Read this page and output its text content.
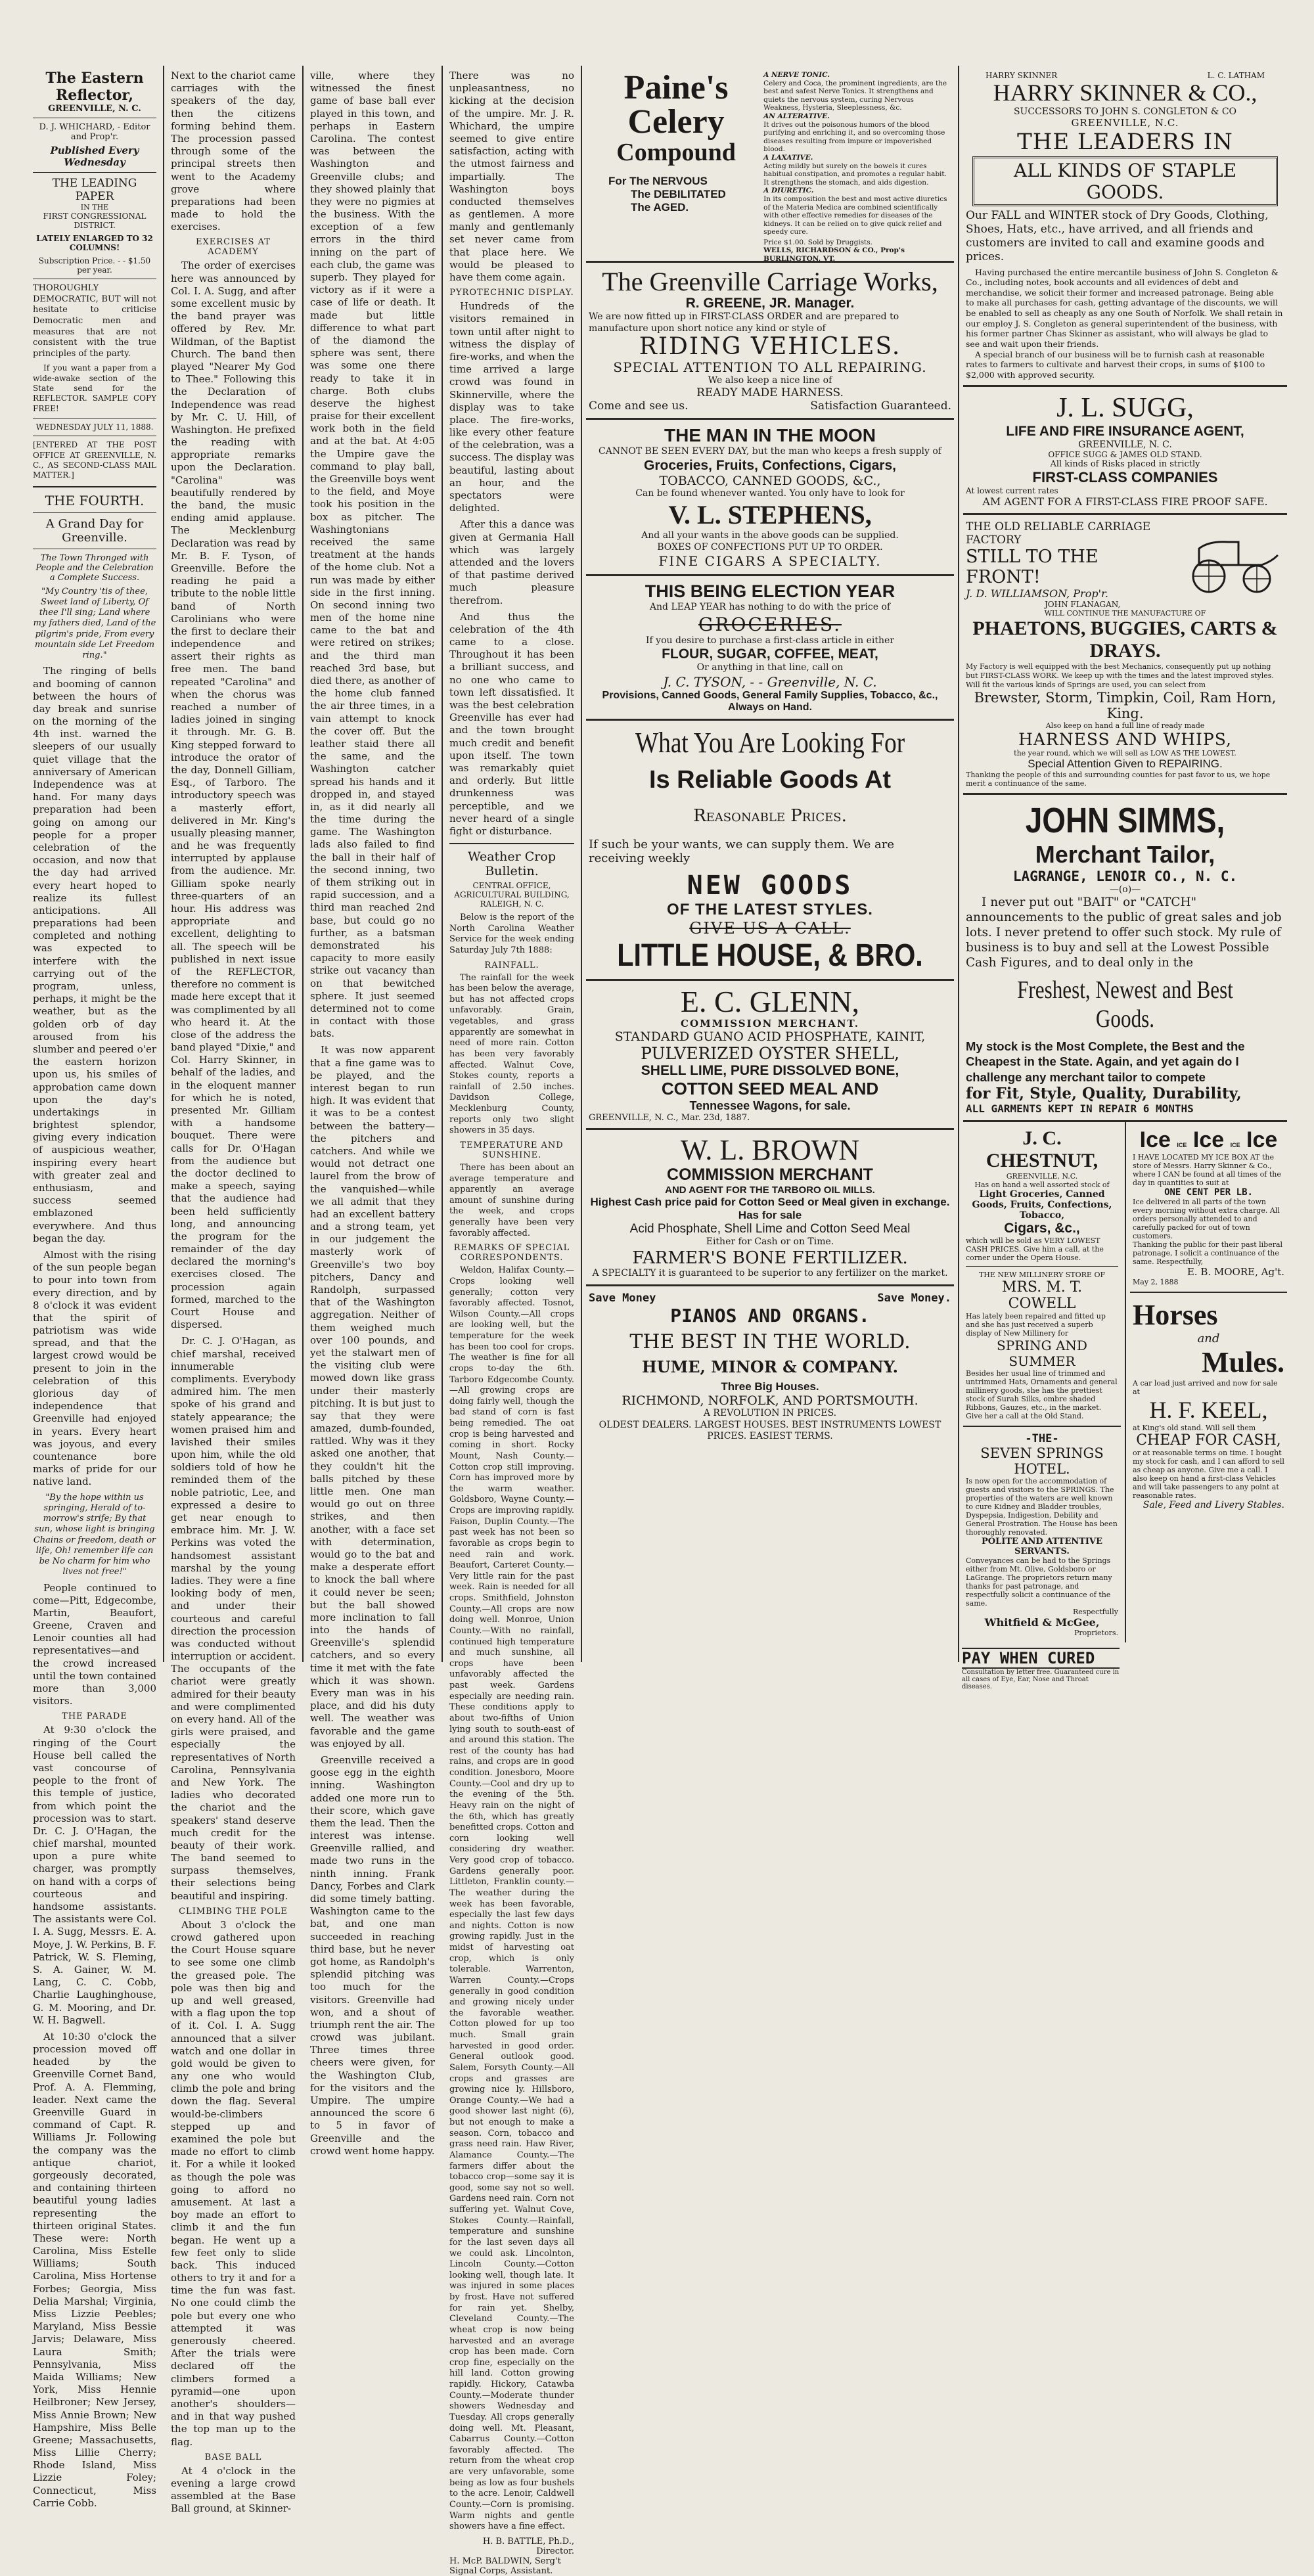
The Eastern Reflector,
GREENVILLE, N. C.
D. J. WHICHARD, - Editor and Prop'r.
Published Every Wednesday
THE LEADING PAPER
IN THE
FIRST CONGRESSIONAL DISTRICT.
LATELY ENLARGED TO 32 COLUMNS!
Subscription Price. - - $1.50 per year.

THOROUGHLY DEMOCRATIC, BUT will not hesitate to criticise Democratic men and measures that are not consistent with the true principles of the party.

If you want a paper from a wide-awake section of the State send for the REFLECTOR. SAMPLE COPY FREE!

WEDNESDAY JULY 11, 1888.

[ENTERED AT THE POST OFFICE AT GREENVILLE, N. C., AS SECOND-CLASS MAIL MATTER.]

THE FOURTH.
A Grand Day for Greenville.
The Town Thronged with People and the Celebration a Complete Success.
"My Country 'tis of thee, Sweet land of Liberty, Of thee I'll sing; Land where my fathers died, Land of the pilgrim's pride, From every mountain side Let Freedom ring."

The ringing of bells and booming of cannon between the hours of day break and sunrise on the morning of the 4th inst. warned the sleepers of our usually quiet village that the anniversary of American Independence was at hand. For many days preparation had been going on among our people for a proper celebration of the occasion, and now that the day had arrived every heart hoped to realize its fullest anticipations. All preparations had been completed and nothing was expected to interfere with the carrying out of the program, unless, perhaps, it might be the weather, but as the golden orb of day aroused from his slumber and peered o'er the eastern horizon upon us, his smiles of approbation came down upon the day's undertakings in brightest splendor, giving every indication of auspicious weather, inspiring every heart with greater zeal and enthusiasm, and success seemed emblazoned everywhere. And thus began the day.

Almost with the rising of the sun people began to pour into town from every direction, and by 8 o'clock it was evident that the spirit of patriotism was wide spread, and that the largest crowd would be present to join in the celebration of this glorious day of independence that Greenville had enjoyed in years. Every heart was joyous, and every countenance bore marks of pride for our native land.

"By the hope within us springing, Herald of to-morrow's strife; By that sun, whose light is bringing Chains or freedom, death or life, Oh! remember life can be No charm for him who lives not free!"

People continued to come—Pitt, Edgecombe, Martin, Beaufort, Greene, Craven and Lenoir counties all had representatives—and the crowd increased until the town contained more than 3,000 visitors.

THE PARADE

At 9:30 o'clock the ringing of the Court House bell called the vast concourse of people to the front of this temple of justice, from which point the procession was to start. Dr. C. J. O'Hagan, the chief marshal, mounted upon a pure white charger, was promptly on hand with a corps of courteous and handsome assistants. The assistants were Col. I. A. Sugg, Messrs. E. A. Moye, J. W. Perkins, B. F. Patrick, W. S. Fleming, S. A. Gainer, W. M. Lang, C. C. Cobb, Charlie Laughinghouse, G. M. Mooring, and Dr. W. H. Bagwell.

At 10:30 o'clock the procession moved off headed by the Greenville Cornet Band, Prof. A. A. Flemming, leader. Next came the Greenville Guard in command of Capt. R. Williams Jr. Following the company was the antique chariot, gorgeously decorated, and containing thirteen beautiful young ladies representing the thirteen original States. These were: North Carolina, Miss Estelle Williams; South Carolina, Miss Hortense Forbes; Georgia, Miss Delia Marshal; Virginia, Miss Lizzie Peebles; Maryland, Miss Bessie Jarvis; Delaware, Miss Laura Smith; Pennsylvania, Miss Maida Williams; New York, Miss Hennie Heilbroner; New Jersey, Miss Annie Brown; New Hampshire, Miss Belle Greene; Massachusetts, Miss Lillie Cherry; Rhode Island, Miss Lizzie Foley; Connecticut, Miss Carrie Cobb.

Next to the chariot came carriages with the speakers of the day, then the citizens forming behind them. The procession passed through some of the principal streets then went to the Academy grove where preparations had been made to hold the exercises.

EXERCISES AT ACADEMY

The order of exercises here was announced by Col. I. A. Sugg, and after some excellent music by the band prayer was offered by Rev. Mr. Wildman, of the Baptist Church. The band then played "Nearer My God to Thee." Following this the Declaration of Independence was read by Mr. C. U. Hill, of Washington. He prefixed the reading with appropriate remarks upon the Declaration. "Carolina" was beautifully rendered by the band, the music ending amid applause. The Mecklenburg Declaration was read by Mr. B. F. Tyson, of Greenville. Before the reading he paid a tribute to the noble little band of North Carolinians who were the first to declare their independence and assert their rights as free men. The band repeated "Carolina" and when the chorus was reached a number of ladies joined in singing it through. Mr. G. B. King stepped forward to introduce the orator of the day, Donnell Gilliam, Esq., of Tarboro. The introductory speech was a masterly effort, delivered in Mr. King's usually pleasing manner, and he was frequently interrupted by applause from the audience. Mr. Gilliam spoke nearly three-quarters of an hour. His address was appropriate and excellent, delighting to all. The speech will be published in next issue of the REFLECTOR, therefore no comment is made here except that it was complimented by all who heard it. At the close of the address the band played "Dixie," and Col. Harry Skinner, in behalf of the ladies, and in the eloquent manner for which he is noted, presented Mr. Gilliam with a handsome bouquet. There were calls for Dr. O'Hagan from the audience but the doctor declined to make a speech, saying that the audience had been held sufficiently long, and announcing the program for the remainder of the day declared the morning's exercises closed. The procession again formed, marched to the Court House and dispersed.

Dr. C. J. O'Hagan, as chief marshal, received innumerable compliments. Everybody admired him. The men spoke of his grand and stately appearance; the women praised him and lavished their smiles upon him, while the old soldiers told of how he reminded them of the noble patriotic, Lee, and expressed a desire to get near enough to embrace him. Mr. J. W. Perkins was voted the handsomest assistant marshal by the young ladies. They were a fine looking body of men, and under their courteous and careful direction the procession was conducted without interruption or accident. The occupants of the chariot were greatly admired for their beauty and were complimented on every hand. All of the girls were praised, and especially the representatives of North Carolina, Pennsylvania and New York. The ladies who decorated the chariot and the speakers' stand deserve much credit for the beauty of their work. The band seemed to surpass themselves, their selections being beautiful and inspiring.

CLIMBING THE POLE

About 3 o'clock the crowd gathered upon the Court House square to see some one climb the greased pole. The pole was then big and up and well greased, with a flag upon the top of it. Col. I. A. Sugg announced that a silver watch and one dollar in gold would be given to any one who would climb the pole and bring down the flag. Several would-be-climbers stepped up and examined the pole but made no effort to climb it. For a while it looked as though the pole was going to afford no amusement. At last a boy made an effort to climb it and the fun began. He went up a few feet only to slide back. This induced others to try it and for a time the fun was fast. No one could climb the pole but every one who attempted it was generously cheered. After the trials were declared off the climbers formed a pyramid—one upon another's shoulders—and in that way pushed the top man up to the flag.

BASE BALL

At 4 o'clock in the evening a large crowd assembled at the Base Ball ground, at Skinner-

ville, where they witnessed the finest game of base ball ever played in this town, and perhaps in Eastern Carolina. The contest was between the Washington and Greenville clubs; and they showed plainly that they were no pigmies at the business. With the exception of a few errors in the third inning on the part of each club, the game was superb. They played for victory as if it were a case of life or death. It made but little difference to what part of the diamond the sphere was sent, there was some one there ready to take it in charge. Both clubs deserve the highest praise for their excellent work both in the field and at the bat. At 4:05 the Umpire gave the command to play ball, the Greenville boys went to the field, and Moye took his position in the box as pitcher. The Washingtonians received the same treatment at the hands of the home club. Not a run was made by either side in the first inning. On second inning two men of the home nine came to the bat and were retired on strikes; and the third man reached 3rd base, but died there, as another of the home club fanned the air three times, in a vain attempt to knock the cover off. But the leather staid there all the same, and the Washington catcher spread his hands and it dropped in, and stayed in, as it did nearly all the time during the game. The Washington lads also failed to find the ball in their half of the second inning, two of them striking out in rapid succession, and a third man reached 2nd base, but could go no further, as a batsman demonstrated his capacity to more easily strike out vacancy than on that bewitched sphere. It just seemed determined not to come in contact with those bats.

It was now apparent that a fine game was to be played, and the interest began to run high. It was evident that it was to be a contest between the battery—the pitchers and catchers. And while we would not detract one laurel from the brow of the vanquished—while we all admit that they had an excellent battery and a strong team, yet in our judgement the masterly work of Greenville's two boy pitchers, Dancy and Randolph, surpassed that of the Washington aggregation. Neither of them weighed much over 100 pounds, and yet the stalwart men of the visiting club were mowed down like grass under their masterly pitching. It is but just to say that they were amazed, dumb-founded, rattled. Why was it they asked one another, that they couldn't hit the balls pitched by these little men. One man would go out on three strikes, and then another, with a face set with determination, would go to the bat and make a desperate effort to knock the ball where it could never be seen; but the ball showed more inclination to fall into the hands of Greenville's splendid catchers, and so every time it met with the fate which it was shown. Every man was in his place, and did his duty well. The weather was favorable and the game was enjoyed by all.

Greenville received a goose egg in the eighth inning. Washington added one more run to their score, which gave them the lead. Then the interest was intense. Greenville rallied, and made two runs in the ninth inning. Frank Dancy, Forbes and Clark did some timely batting. Washington came to the bat, and one man succeeded in reaching third base, but he never got home, as Randolph's splendid pitching was too much for the visitors. Greenville had won, and a shout of triumph rent the air. The crowd was jubilant. Three times three cheers were given, for the Washington Club, for the visitors and the Umpire. The umpire announced the score 6 to 5 in favor of Greenville and the crowd went home happy.

There was no unpleasantness, no kicking at the decision of the umpire. Mr. J. R. Whichard, the umpire seemed to give entire satisfaction, acting with the utmost fairness and impartially. The Washington boys conducted themselves as gentlemen. A more manly and gentlemanly set never came from that place here. We would be pleased to have them come again.

PYROTECHNIC DISPLAY.

Hundreds of the visitors remained in town until after night to witness the display of fire-works, and when the time arrived a large crowd was found in Skinnerville, where the display was to take place. The fire-works, like every other feature of the celebration, was a success. The display was beautiful, lasting about an hour, and the spectators were delighted.

After this a dance was given at Germania Hall which was largely attended and the lovers of that pastime derived much pleasure therefrom.

And thus the celebration of the 4th came to a close. Throughout it has been a brilliant success, and no one who came to town left dissatisfied. It was the best celebration Greenville has ever had and the town brought much credit and benefit upon itself. The town was remarkably quiet and orderly. But little drunkenness was perceptible, and we never heard of a single fight or disturbance.

Weather Crop Bulletin.
CENTRAL OFFICE, AGRICULTURAL BUILDING, RALEIGH, N. C.

Below is the report of the North Carolina Weather Service for the week ending Saturday July 7th 1888:

RAINFALL.

The rainfall for the week has been below the average, but has not affected crops unfavorably. Grain, vegetables, and grass apparently are somewhat in need of more rain. Cotton has been very favorably affected. Walnut Cove, Stokes county, reports a rainfall of 2.50 inches. Davidson College, Mecklenburg County, reports only two slight showers in 35 days.

TEMPERATURE AND SUNSHINE.

There has been about an average temperature and apparently an average amount of sunshine during the week, and crops generally have been very favorably affected.

REMARKS OF SPECIAL CORRESPONDENTS.

Weldon, Halifax County.—Crops looking well generally; cotton very favorably affected. Tosnot, Wilson County.—All crops are looking well, but the temperature for the week has been too cool for crops. The weather is fine for all crops to-day the 6th. Tarboro Edgecombe County.—All growing crops are doing fairly well, though the bad stand of corn is fast being remedied. The oat crop is being harvested and coming in short. Rocky Mount, Nash County.—Cotton crop still improving. Corn has improved more by the warm weather. Goldsboro, Wayne County.—Crops are improving rapidly. Faison, Duplin County.—The past week has not been so favorable as crops begin to need rain and work. Beaufort, Carteret County.—Very little rain for the past week. Rain is needed for all crops. Smithfield, Johnston County.—All crops are now doing well. Monroe, Union County.—With no rainfall, continued high temperature and much sunshine, all crops have been unfavorably affected the past week. Gardens especially are needing rain. These conditions apply to about two-fifths of Union lying south to south-east of and around this station. The rest of the county has had rains, and crops are in good condition. Jonesboro, Moore County.—Cool and dry up to the evening of the 5th. Heavy rain on the night of the 6th, which has greatly benefitted crops. Cotton and corn looking well considering dry weather. Very good crop of tobacco. Gardens generally poor. Littleton, Franklin county.—The weather during the week has been favorable, especially the last few days and nights. Cotton is now growing rapidly. Just in the midst of harvesting oat crop, which is only tolerable. Warrenton, Warren County.—Crops generally in good condition and growing nicely under the favorable weather. Cotton plowed for up too much. Small grain harvested in good order. General outlook good. Salem, Forsyth County.—All crops and grasses are growing nice ly. Hillsboro, Orange County.—We had a good shower last night (6), but not enough to make a season. Corn, tobacco and grass need rain. Haw River, Alamance County.—The farmers differ about the tobacco crop—some say it is good, some say not so well. Gardens need rain. Corn not suffering yet. Walnut Cove, Stokes County.—Rainfall, temperature and sunshine for the last seven days all we could ask. Lincolnton, Lincoln County.—Cotton looking well, though late. It was injured in some places by frost. Have not suffered for rain yet. Shelby, Cleveland County.—The wheat crop is now being harvested and an average crop has been made. Corn crop fine, especially on the hill land. Cotton growing rapidly. Hickory, Catawba County.—Moderate thunder showers Wednesday and Tuesday. All crops generally doing well. Mt. Pleasant, Cabarrus County.—Cotton favorably affected. The return from the wheat crop are very unfavorable, some being as low as four bushels to the acre. Lenoir, Caldwell County.—Corn is promising. Warm nights and gentle showers have a fine effect.

H. B. BATTLE, Ph.D., Director.
H. McP. BALDWIN, Serg't Signal Corps, Assistant.
Paine's
Celery
Compound
For The NERVOUS
The DEBILITATED
The AGED.
A NERVE TONIC.
Celery and Coca, the prominent ingredients, are the best and safest Nerve Tonics. It strengthens and quiets the nervous system, curing Nervous Weakness, Hysteria, Sleeplessness, &c.
AN ALTERATIVE.
It drives out the poisonous humors of the blood purifying and enriching it, and so overcoming those diseases resulting from impure or impoverished blood.
A LAXATIVE.
Acting mildly but surely on the bowels it cures habitual constipation, and promotes a regular habit. It strengthens the stomach, and aids digestion.
A DIURETIC.
In its composition the best and most active diuretics of the Materia Medica are combined scientifically with other effective remedies for diseases of the kidneys. It can be relied on to give quick relief and speedy cure.
Price $1.00. Sold by Druggists.
WELLS, RICHARDSON & CO., Prop's BURLINGTON, VT.
The Greenville Carriage Works,
R. GREENE, JR. Manager.
We are now fitted up in FIRST-CLASS ORDER and are prepared to manufacture upon short notice any kind or style of
RIDING VEHICLES.
SPECIAL ATTENTION TO ALL REPAIRING.
We also keep a nice line of
READY MADE HARNESS.
Come and see us.	Satisfaction Guaranteed.
THE MAN IN THE MOON
CANNOT BE SEEN EVERY DAY, but the man who keeps a fresh supply of
Groceries, Fruits, Confections, Cigars,
TOBACCO, CANNED GOODS, &C.,
Can be found whenever wanted. You only have to look for
V. L. STEPHENS,
And all your wants in the above goods can be supplied.
BOXES OF CONFECTIONS PUT UP TO ORDER.
FINE CIGARS A SPECIALTY.
THIS BEING ELECTION YEAR
And LEAP YEAR has nothing to do with the price of
GROCERIES.
If you desire to purchase a first-class article in either
FLOUR, SUGAR, COFFEE, MEAT,
Or anything in that line, call on
J. C. TYSON, - - Greenville, N. C.
Provisions, Canned Goods, General Family Supplies, Tobacco, &c., Always on Hand.
What You Are Looking For
Is Reliable Goods At
Reasonable Prices.
If such be your wants, we can supply them. We are receiving weekly
NEW GOODS
OF THE LATEST STYLES.
GIVE US A CALL.
LITTLE HOUSE, & BRO.
E. C. GLENN,
COMMISSION MERCHANT.
STANDARD GUANO ACID PHOSPHATE, KAINIT,
PULVERIZED OYSTER SHELL,
SHELL LIME, PURE DISSOLVED BONE,
COTTON SEED MEAL AND
Tennessee Wagons, for sale.
GREENVILLE, N. C., Mar. 23d, 1887.
W. L. BROWN
COMMISSION MERCHANT
AND AGENT FOR THE TARBORO OIL MILLS.
Highest Cash price paid for Cotton Seed or Meal given in exchange. Has for sale
Acid Phosphate, Shell Lime and Cotton Seed Meal
Either for Cash or on Time.
FARMER'S BONE FERTILIZER.
A SPECIALTY it is guaranteed to be superior to any fertilizer on the market.
Save Money	Save Money.
PIANOS AND ORGANS.
THE BEST IN THE WORLD.
HUME, MINOR & COMPANY.
Three Big Houses.
RICHMOND, NORFOLK, AND PORTSMOUTH.
A REVOLUTION IN PRICES.
OLDEST DEALERS. LARGEST HOUSES. BEST INSTRUMENTS LOWEST PRICES. EASIEST TERMS.
HARRY SKINNER	L. C. LATHAM
HARRY SKINNER & CO.,
SUCCESSORS TO JOHN S. CONGLETON & CO
GREENVILLE, N.C.
THE LEADERS IN
ALL KINDS OF STAPLE GOODS.
Our FALL and WINTER stock of Dry Goods, Clothing, Shoes, Hats, etc., have arrived, and all friends and customers are invited to call and examine goods and prices.
Having purchased the entire mercantile business of John S. Congleton & Co., including notes, book accounts and all evidences of debt and merchandise, we solicit their former and increased patronage. Being able to make all purchases for cash, getting advantage of the discounts, we will be enabled to sell as cheaply as any one South of Norfolk. We shall retain in our employ J. S. Congleton as general superintendent of the business, with his former partner Chas Skinner as assistant, who will always be glad to see and wait upon their friends.
A special branch of our business will be to furnish cash at reasonable rates to farmers to cultivate and harvest their crops, in sums of $100 to $2,000 with approved security.
J. L. SUGG,
LIFE AND FIRE INSURANCE AGENT,
GREENVILLE, N. C.
OFFICE SUGG & JAMES OLD STAND.
All kinds of Risks placed in strictly
FIRST-CLASS COMPANIES
At lowest current rates
AM AGENT FOR A FIRST-CLASS FIRE PROOF SAFE.
THE OLD RELIABLE CARRIAGE FACTORY
STILL TO THE FRONT!
J. D. WILLIAMSON, Prop'r.
JOHN FLANAGAN,
WILL CONTINUE THE MANUFACTURE OF
PHAETONS, BUGGIES, CARTS & DRAYS.
My Factory is well equipped with the best Mechanics, consequently put up nothing but FIRST-CLASS WORK. We keep up with the times and the latest improved styles. Will fit the various kinds of Springs are used, you can select from
Brewster, Storm, Timpkin, Coil, Ram Horn, King.
Also keep on hand a full line of ready made
HARNESS AND WHIPS,
the year round, which we will sell as LOW AS THE LOWEST.
Special Attention Given to REPAIRING.
Thanking the people of this and surrounding counties for past favor to us, we hope merit a continuance of the same.
JOHN SIMMS,
Merchant Tailor,
LAGRANGE, LENOIR CO., N. C.
—(o)—
I never put out "BAIT" or "CATCH" announcements to the public of great sales and job lots. I never pretend to offer such stock. My rule of business is to buy and sell at the Lowest Possible Cash Figures, and to deal only in the
Freshest, Newest and Best Goods.
My stock is the Most Complete, the Best and the Cheapest in the State. Again, and yet again do I challenge any merchant tailor to compete
for Fit, Style, Quality, Durability,
ALL GARMENTS KEPT IN REPAIR 6 MONTHS
J. C. CHESTNUT,
GREENVILLE, N.C.
Has on hand a well assorted stock of
Light Groceries, Canned Goods, Fruits, Confections, Tobacco,
Cigars, &c.,
which will be sold as VERY LOWEST CASH PRICES. Give him a call, at the corner under the Opera House.
THE NEW MILLINERY STORE OF
MRS. M. T. COWELL
Has lately been repaired and fitted up and she has just received a superb display of New Millinery for
SPRING AND SUMMER
Besides her usual line of trimmed and untrimmed Hats, Ornaments and general millinery goods, she has the prettiest stock of Surah Silks, ombre shaded Ribbons, Gauzes, etc., in the market. Give her a call at the Old Stand.
-THE-
SEVEN SPRINGS HOTEL.
Is now open for the accommodation of guests and visitors to the SPRINGS. The properties of the waters are well known to cure Kidney and Bladder troubles, Dyspepsia, Indigestion, Debility and General Prostration. The House has been thoroughly renovated.
POLITE AND ATTENTIVE SERVANTS.
Conveyances can be had to the Springs either from Mt. Olive, Goldsboro or LaGrange. The proprietors return many thanks for past patronage, and respectfully solicit a continuance of the same.
Respectfully
Whitfield & McGee,
Proprietors.
Ice ICE Ice ICE Ice
I HAVE LOCATED MY ICE BOX AT the store of Messrs. Harry Skinner & Co., where I CAN be found at all times of the day in quantities to suit at
ONE CENT PER LB.
Ice delivered in all parts of the town every morning without extra charge. All orders personally attended to and carefully packed for out of town customers.
Thanking the public for their past liberal patronage, I solicit a continuance of the same. Respectfully,
E. B. MOORE, Ag't.
May 2, 1888
Horses
and
Mules.
A car load just arrived and now for sale at
H. F. KEEL,
at King's old stand. Will sell them
CHEAP FOR CASH,
or at reasonable terms on time. I bought my stock for cash, and I can afford to sell as cheap as anyone. Give me a call. I also keep on hand a first-class Vehicles and will take passengers to any point at reasonable rates.
Sale, Feed and Livery Stables.
PAY WHEN CURED
Consultation by letter free. Guaranteed cure in all cases of Eye, Ear, Nose and Throat diseases.
